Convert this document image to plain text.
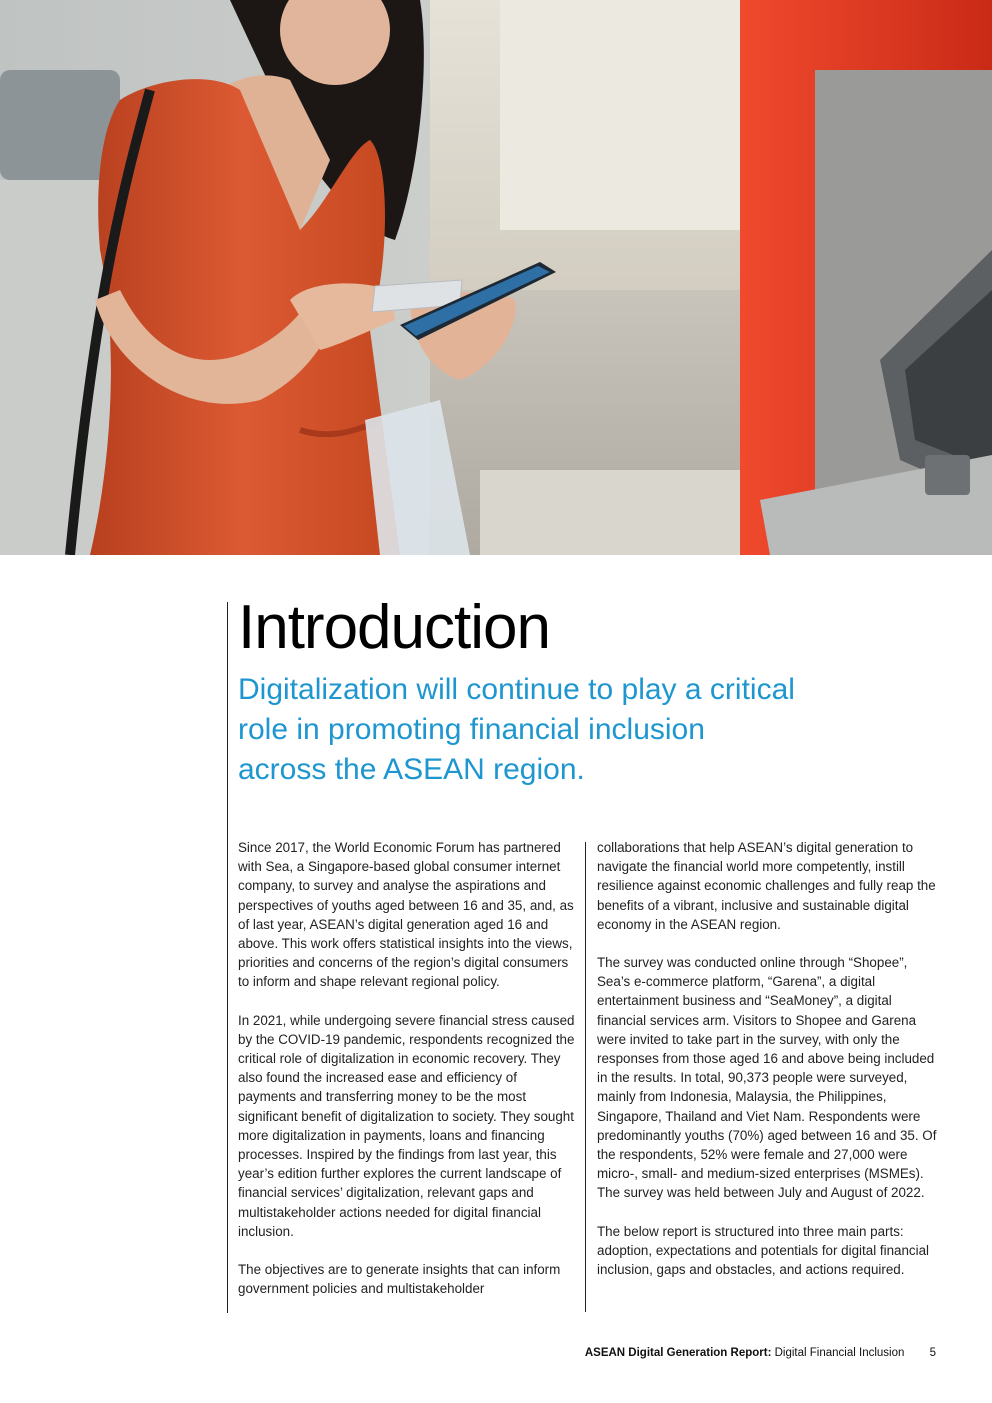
Introduction
Digitalization will continue to play a critical role in promoting financial inclusion across the ASEAN region.

Since 2017, the World Economic Forum has partnered with Sea, a Singapore-based global consumer internet company, to survey and analyse the aspirations and perspectives of youths aged between 16 and 35, and, as of last year, ASEAN’s digital generation aged 16 and above. This work offers statistical insights into the views, priorities and concerns of the region’s digital consumers to inform and shape relevant regional policy.

In 2021, while undergoing severe financial stress caused by the COVID-19 pandemic, respondents recognized the critical role of digitalization in economic recovery. They also found the increased ease and efficiency of payments and transferring money to be the most significant benefit of digitalization to society. They sought more digitalization in payments, loans and financing processes. Inspired by the findings from last year, this year’s edition further explores the current landscape of financial services’ digitalization, relevant gaps and multistakeholder actions needed for digital financial inclusion.

The objectives are to generate insights that can inform government policies and multistakeholder

collaborations that help ASEAN’s digital generation to navigate the financial world more competently, instill resilience against economic challenges and fully reap the benefits of a vibrant, inclusive and sustainable digital economy in the ASEAN region.

The survey was conducted online through “Shopee”, Sea’s e-commerce platform, “Garena”, a digital entertainment business and “SeaMoney”, a digital financial services arm. Visitors to Shopee and Garena were invited to take part in the survey, with only the responses from those aged 16 and above being included in the results. In total, 90,373 people were surveyed, mainly from Indonesia, Malaysia, the Philippines, Singapore, Thailand and Viet Nam. Respondents were predominantly youths (70%) aged between 16 and 35. Of the respondents, 52% were female and 27,000 were micro-, small- and medium-sized enterprises (MSMEs). The survey was held between July and August of 2022.

The below report is structured into three main parts: adoption, expectations and potentials for digital financial inclusion, gaps and obstacles, and actions required.

ASEAN Digital Generation Report: Digital Financial Inclusion 5
